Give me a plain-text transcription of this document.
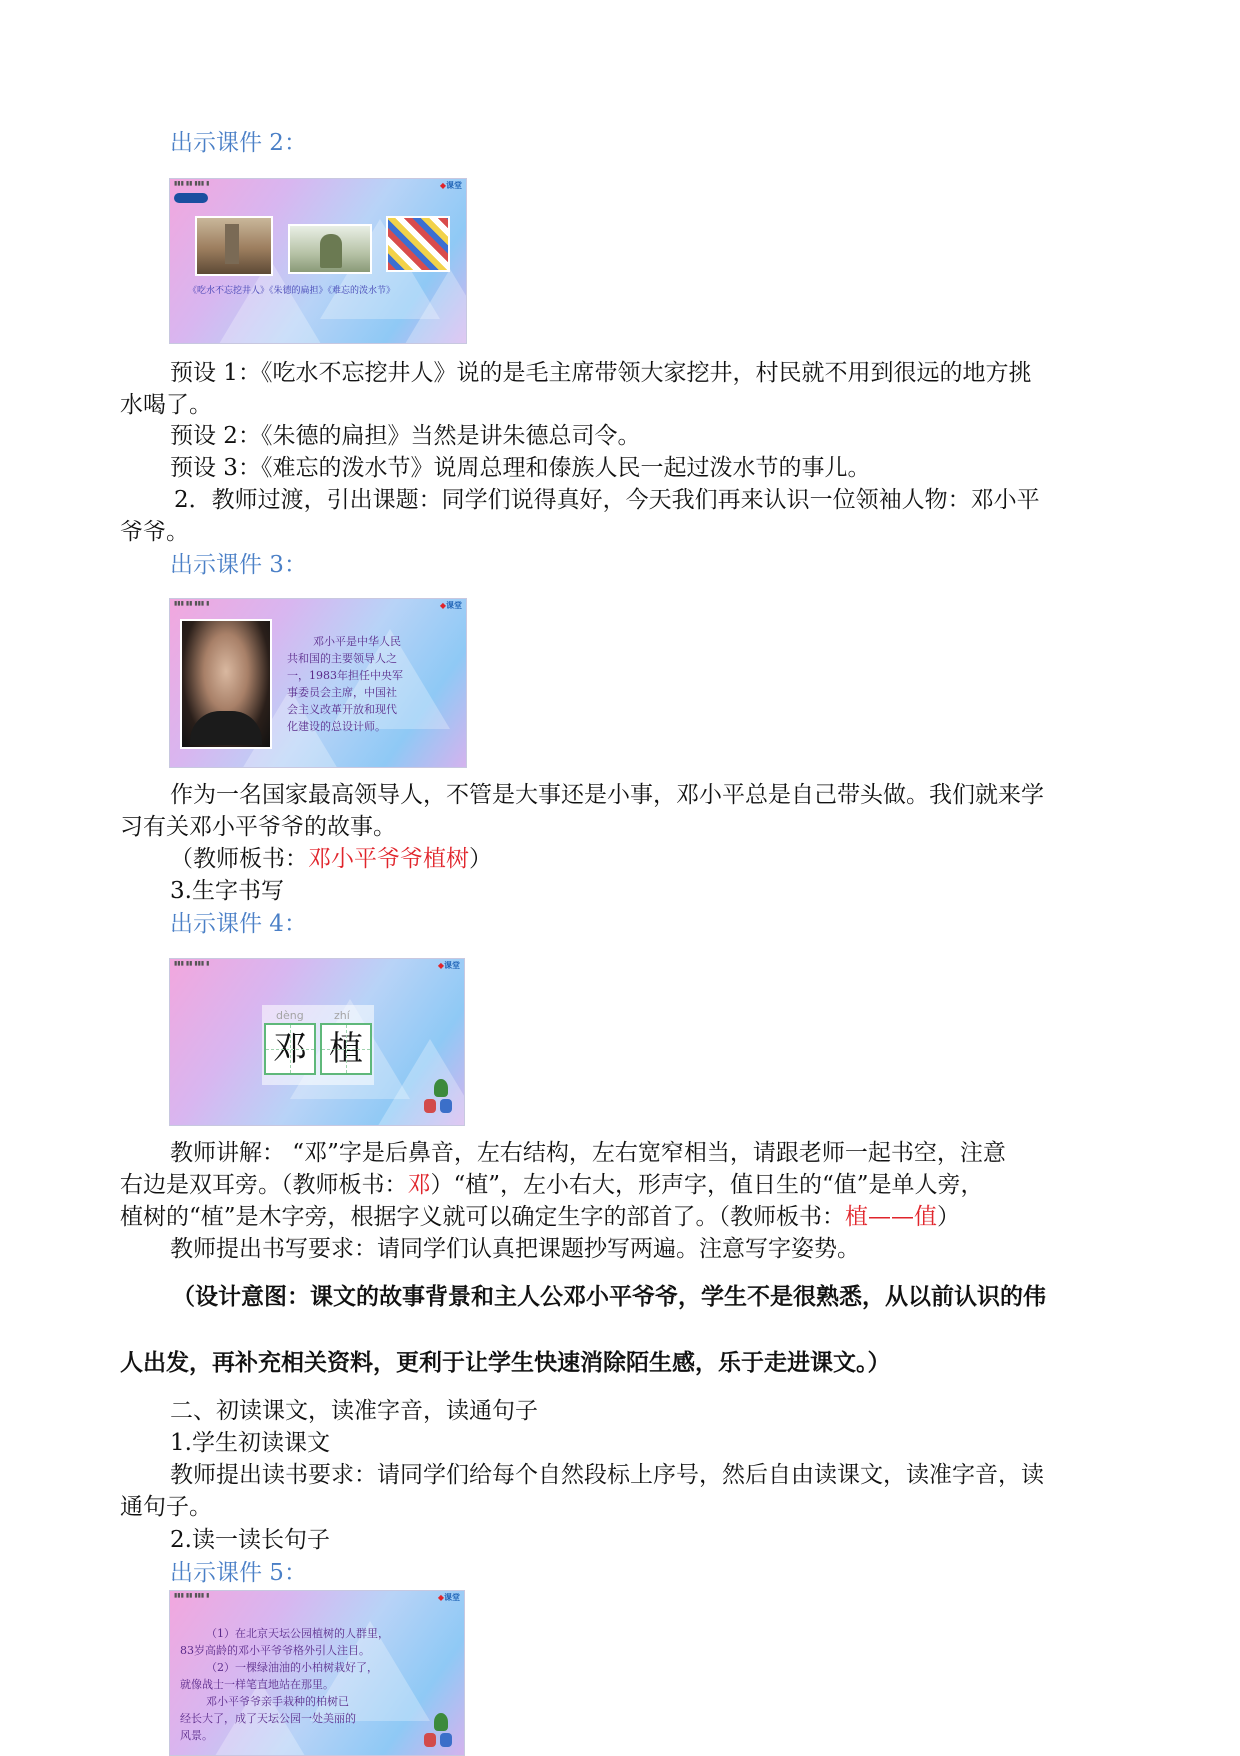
出示课件 2：
▮▮▮ ▮▮ ▮▮▮ ▮	◆课堂
《吃水不忘挖井人》《朱德的扁担》《难忘的泼水节》
预设 1：《吃水不忘挖井人》说的是毛主席带领大家挖井，村民就不用到很远的地方挑
水喝了。
预设 2：《朱德的扁担》当然是讲朱德总司令。
预设 3：《难忘的泼水节》说周总理和傣族人民一起过泼水节的事儿。
2．教师过渡，引出课题：同学们说得真好，今天我们再来认识一位领袖人物：邓小平
爷爷。
出示课件 3：
▮▮▮ ▮▮ ▮▮▮ ▮	◆课堂
邓小平是中华人民
共和国的主要领导人之
一，1983年担任中央军
事委员会主席，中国社
会主义改革开放和现代
化建设的总设计师。
作为一名国家最高领导人，不管是大事还是小事，邓小平总是自己带头做。我们就来学
习有关邓小平爷爷的故事。
（教师板书：邓小平爷爷植树）
3.生字书写
出示课件 4：
▮▮▮ ▮▮ ▮▮▮ ▮	◆课堂
邓 植
教师讲解： “邓”字是后鼻音，左右结构，左右宽窄相当，请跟老师一起书空，注意
右边是双耳旁。（教师板书：邓）“植”，左小右大，形声字，值日生的“值”是单人旁，
植树的“植”是木字旁，根据字义就可以确定生字的部首了。（教师板书：植——值）
教师提出书写要求：请同学们认真把课题抄写两遍。注意写字姿势。
（设计意图：课文的故事背景和主人公邓小平爷爷，学生不是很熟悉，从以前认识的伟
人出发，再补充相关资料，更利于让学生快速消除陌生感，乐于走进课文。）
二、初读课文，读准字音，读通句子
1.学生初读课文
教师提出读书要求：请同学们给每个自然段标上序号，然后自由读课文，读准字音，读
通句子。
2.读一读长句子
出示课件 5：
▮▮▮ ▮▮ ▮▮▮ ▮	◆课堂
（1）在北京天坛公园植树的人群里，
83岁高龄的邓小平爷爷格外引人注目。
（2）一棵绿油油的小柏树栽好了，
就像战士一样笔直地站在那里。
邓小平爷爷亲手栽种的柏树已
经长大了，成了天坛公园一处美丽的
风景。
